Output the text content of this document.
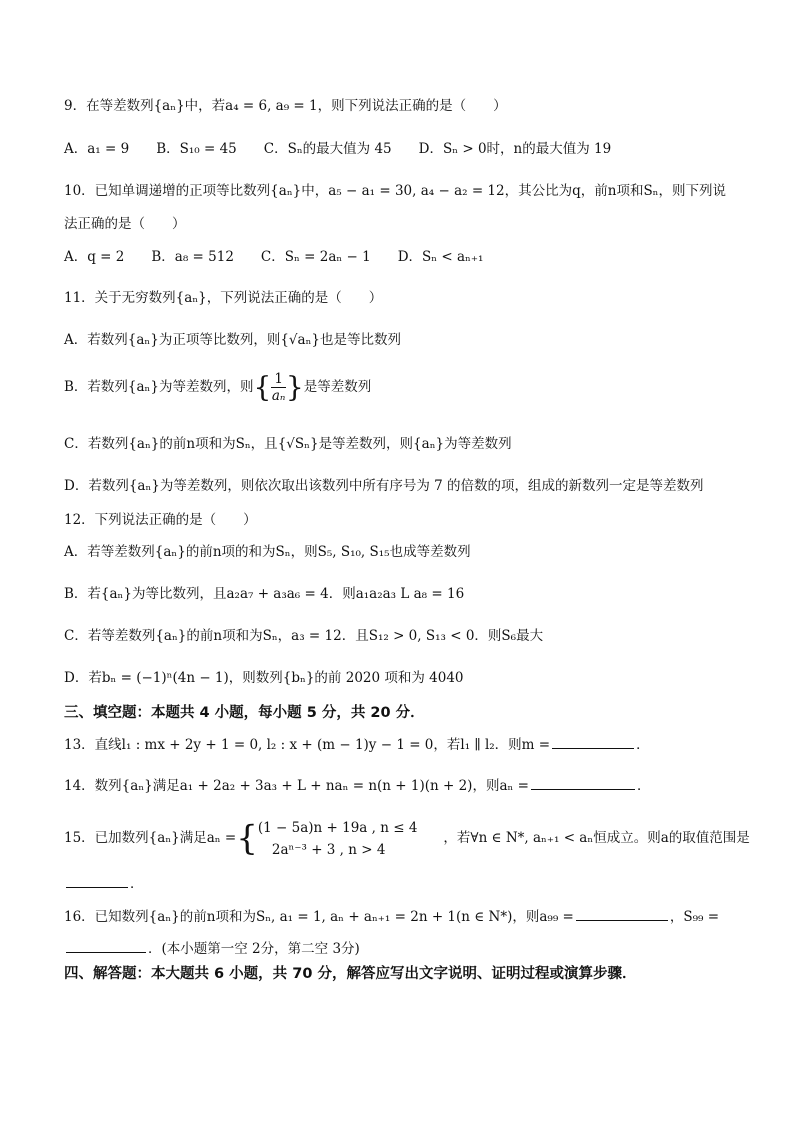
9．在等差数列{aₙ}中，若a₄ = 6, a₉ = 1，则下列说法正确的是（　　）
A．a₁ = 9　　B．S₁₀ = 45　　C．Sₙ的最大值为 45　　D．Sₙ > 0时，n的最大值为 19
10．已知单调递增的正项等比数列{aₙ}中，a₅ − a₁ = 30, a₄ − a₂ = 12，其公比为q，前n项和Sₙ，则下列说
法正确的是（　　）
A．q = 2　　B．a₈ = 512　　C．Sₙ = 2aₙ − 1　　D．Sₙ < aₙ₊₁
11．关于无穷数列{aₙ}，下列说法正确的是（　　）
A．若数列{aₙ}为正项等比数列，则{√aₙ}也是等比数列
B．若数列{aₙ}为等差数列，则{ $\frac{1}{\text{aₙ}}$ }是等差数列
C．若数列{aₙ}的前n项和为Sₙ，且{√Sₙ}是等差数列，则{aₙ}为等差数列
D．若数列{aₙ}为等差数列，则依次取出该数列中所有序号为 7 的倍数的项，组成的新数列一定是等差数列
12．下列说法正确的是（　　）
A．若等差数列{aₙ}的前n项的和为Sₙ，则S₅, S₁₀, S₁₅也成等差数列
B．若{aₙ}为等比数列，且a₂a₇ + a₃a₆ = 4．则a₁a₂a₃ L a₈ = 16
C．若等差数列{aₙ}的前n项和为Sₙ，a₃ = 12．且S₁₂ > 0, S₁₃ < 0．则S₆最大
D．若bₙ = (−1)ⁿ(4n − 1)，则数列{bₙ}的前 2020 项和为 4040
三、填空题：本题共 4 小题，每小题 5 分，共 20 分．
13．直线l₁ : mx + 2y + 1 = 0, l₂ : x + (m − 1)y − 1 = 0，若l₁ ∥ l₂．则m =	．
14．数列{aₙ}满足a₁ + 2a₂ + 3a₃ + L + naₙ = n(n + 1)(n + 2)，则aₙ =	．
15．已加数列{aₙ}满足aₙ ={ (1 − 5a)n + 19a , n ≤ 4
2aⁿ⁻³ + 3 , n > 4
，若∀n ∈ N*, aₙ₊₁ < aₙ恒成立。则a的取值范围是
．
16．已知数列{aₙ}的前n项和为Sₙ, a₁ = 1, aₙ + aₙ₊₁ = 2n + 1(n ∈ N*)，则a₉₉ =	，S₉₉ =
．(本小题第一空 2分，第二空 3分)
四、解答题：本大题共 6 小题，共 70 分，解答应写出文字说明、证明过程或演算步骤．
